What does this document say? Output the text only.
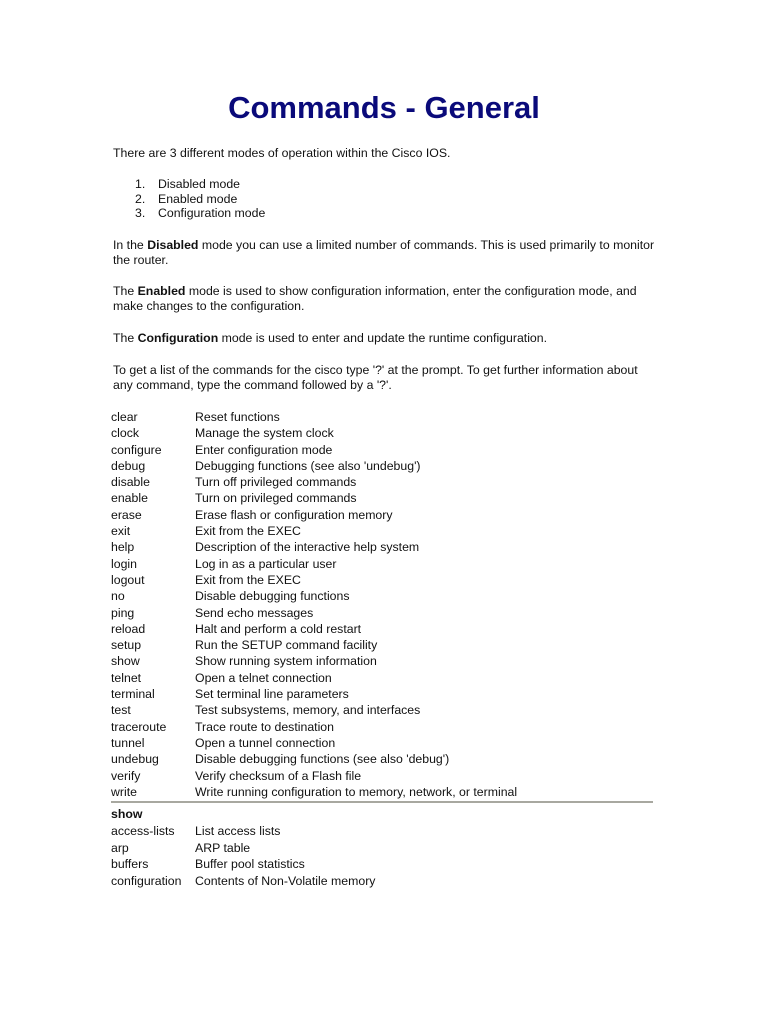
Commands - General

There are 3 different modes of operation within the Cisco IOS.

1. Disabled mode
2. Enabled mode
3. Configuration mode

In the Disabled mode you can use a limited number of commands. This is used primarily to monitor the router.

The Enabled mode is used to show configuration information, enter the configuration mode, and make changes to the configuration.

The Configuration mode is used to enter and update the runtime configuration.

To get a list of the commands for the cisco type '?' at the prompt. To get further information about any command, type the command followed by a '?'.

clear	Reset functions
clock	Manage the system clock
configure	Enter configuration mode
debug	Debugging functions (see also 'undebug')
disable	Turn off privileged commands
enable	Turn on privileged commands
erase	Erase flash or configuration memory
exit	Exit from the EXEC
help	Description of the interactive help system
login	Log in as a particular user
logout	Exit from the EXEC
no	Disable debugging functions
ping	Send echo messages
reload	Halt and perform a cold restart
setup	Run the SETUP command facility
show	Show running system information
telnet	Open a telnet connection
terminal	Set terminal line parameters
test	Test subsystems, memory, and interfaces
traceroute	Trace route to destination
tunnel	Open a tunnel connection
undebug	Disable debugging functions (see also 'debug')
verify	Verify checksum of a Flash file
write	Write running configuration to memory, network, or terminal
show
access-lists	List access lists
arp	ARP table
buffers	Buffer pool statistics
configuration	Contents of Non-Volatile memory
